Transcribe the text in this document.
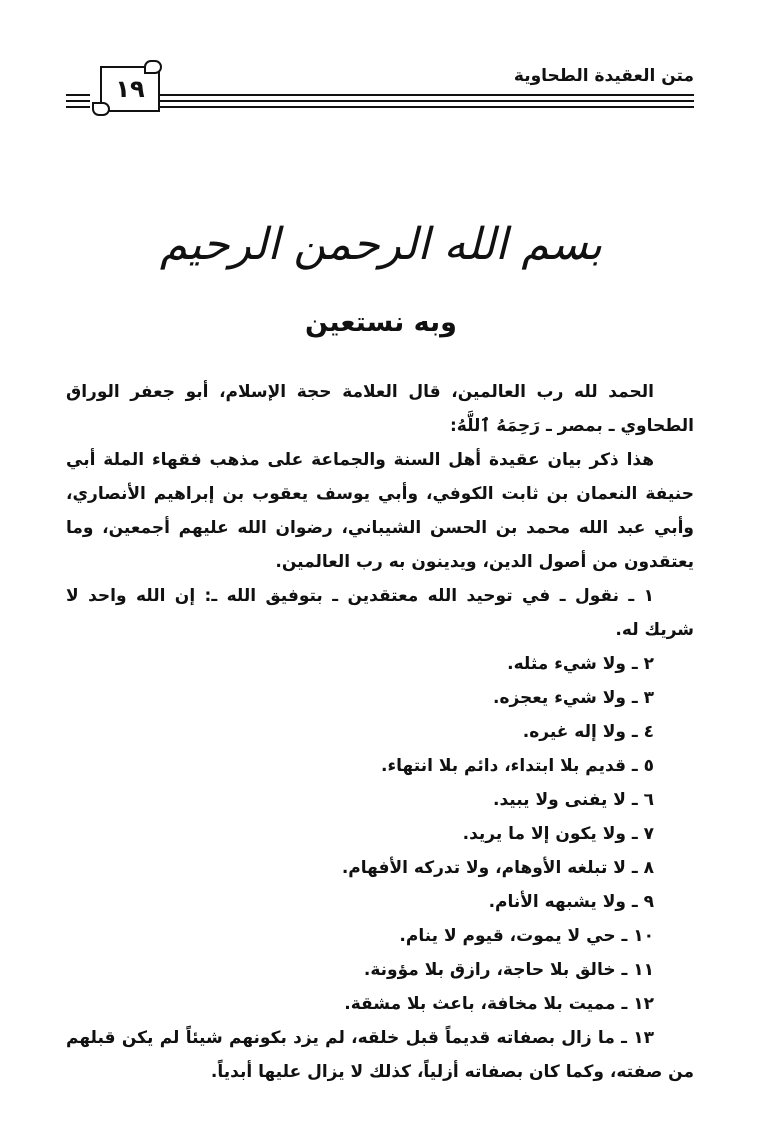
١٩	متن العقيدة الطحاوية
بسم الله الرحمن الرحيم
وبه نستعين

الحمد لله رب العالمين، قال العلامة حجة الإسلام، أبو جعفر الوراق الطحاوي ـ بمصر ـ رَحِمَهُ ٱللَّهُ:

هذا ذكر بيان عقيدة أهل السنة والجماعة على مذهب فقهاء الملة أبي حنيفة النعمان بن ثابت الكوفي، وأبي يوسف يعقوب بن إبراهيم الأنصاري، وأبي عبد الله محمد بن الحسن الشيباني، رضوان الله عليهم أجمعين، وما يعتقدون من أصول الدين، ويدينون به رب العالمين.

١ ـ نقول ـ في توحيد الله معتقدين ـ بتوفيق الله ـ: إن الله واحد لا شريك له.

٢ ـ ولا شيء مثله.
٣ ـ ولا شيء يعجزه.
٤ ـ ولا إله غيره.
٥ ـ قديم بلا ابتداء، دائم بلا انتهاء.
٦ ـ لا يفنى ولا يبيد.
٧ ـ ولا يكون إلا ما يريد.
٨ ـ لا تبلغه الأوهام، ولا تدركه الأفهام.
٩ ـ ولا يشبهه الأنام.
١٠ ـ حي لا يموت، قيوم لا ينام.
١١ ـ خالق بلا حاجة، رازق بلا مؤونة.
١٢ ـ مميت بلا مخافة، باعث بلا مشقة.

١٣ ـ ما زال بصفاته قديماً قبل خلقه، لم يزد بكونهم شيئاً لم يكن قبلهم من صفته، وكما كان بصفاته أزلياً، كذلك لا يزال عليها أبدياً.
